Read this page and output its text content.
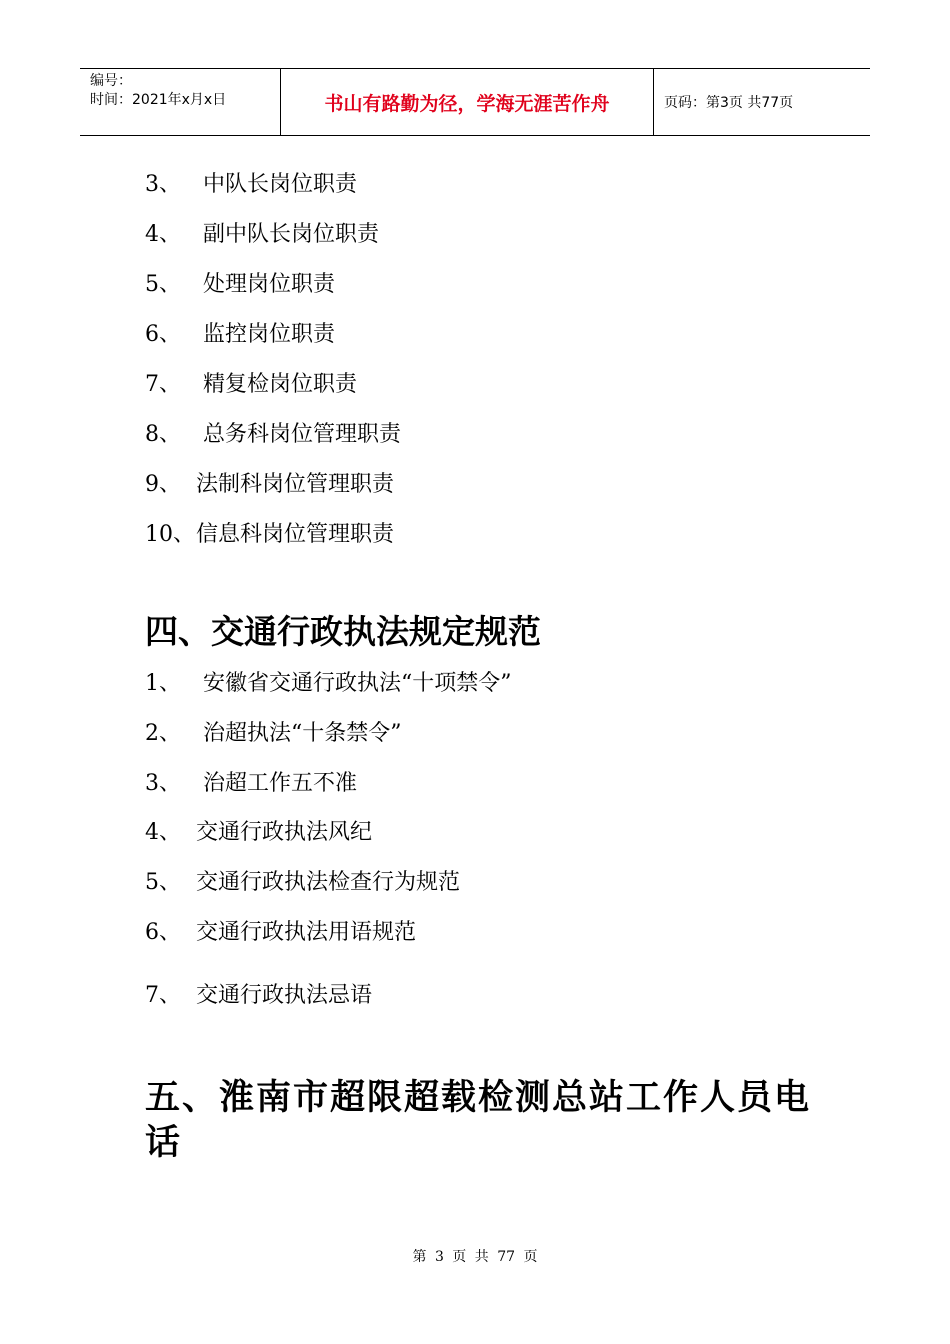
编号：
时间：2021年x月x日	书山有路勤为径，学海无涯苦作舟	页码：第3页 共77页
3、 中队长岗位职责
4、 副中队长岗位职责
5、 处理岗位职责
6、 监控岗位职责
7、 精复检岗位职责
8、 总务科岗位管理职责
9、 法制科岗位管理职责
10、信息科岗位管理职责
四、交通行政执法规定规范
1、 安徽省交通行政执法“十项禁令”
2、 治超执法“十条禁令”
3、 治超工作五不准
4、 交通行政执法风纪
5、 交通行政执法检查行为规范
6、 交通行政执法用语规范
7、 交通行政执法忌语
五、淮南市超限超载检测总站工作人员电话
第 3 页 共 77 页
